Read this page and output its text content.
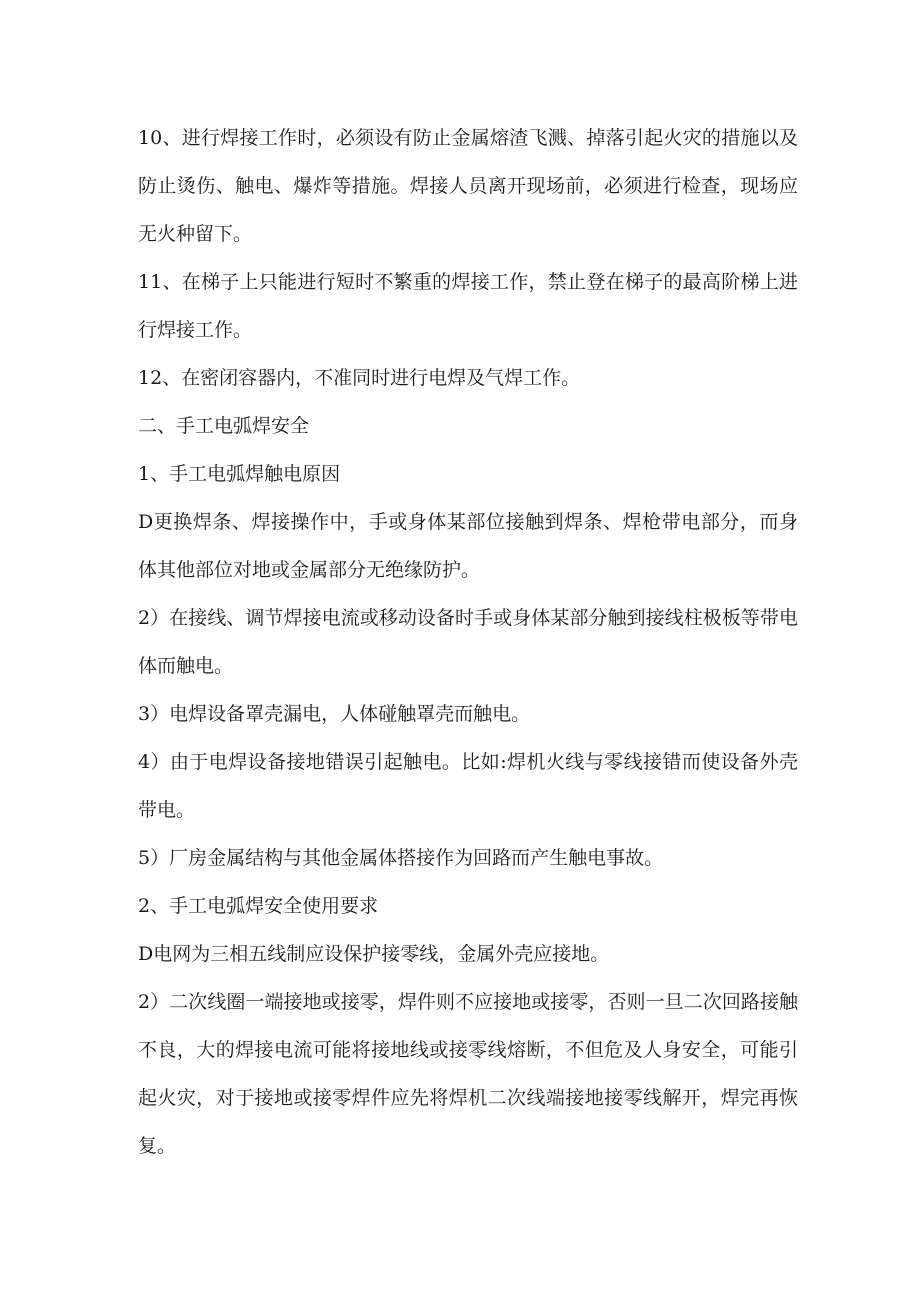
10、进行焊接工作时，必须设有防止金属熔渣飞溅、掉落引起火灾的措施以及防止烫伤、触电、爆炸等措施。焊接人员离开现场前，必须进行检查，现场应无火种留下。

11、在梯子上只能进行短时不繁重的焊接工作，禁止登在梯子的最高阶梯上进行焊接工作。

12、在密闭容器内，不准同时进行电焊及气焊工作。

二、手工电弧焊安全

1、手工电弧焊触电原因

D更换焊条、焊接操作中，手或身体某部位接触到焊条、焊枪带电部分，而身体其他部位对地或金属部分无绝缘防护。

2）在接线、调节焊接电流或移动设备时手或身体某部分触到接线柱极板等带电体而触电。

3）电焊设备罩壳漏电，人体碰触罩壳而触电。

4）由于电焊设备接地错误引起触电。比如:焊机火线与零线接错而使设备外壳带电。

5）厂房金属结构与其他金属体搭接作为回路而产生触电事故。

2、手工电弧焊安全使用要求

D电网为三相五线制应设保护接零线，金属外壳应接地。

2）二次线圈一端接地或接零，焊件则不应接地或接零，否则一旦二次回路接触不良，大的焊接电流可能将接地线或接零线熔断，不但危及人身安全，可能引起火灾，对于接地或接零焊件应先将焊机二次线端接地接零线解开，焊完再恢复。
